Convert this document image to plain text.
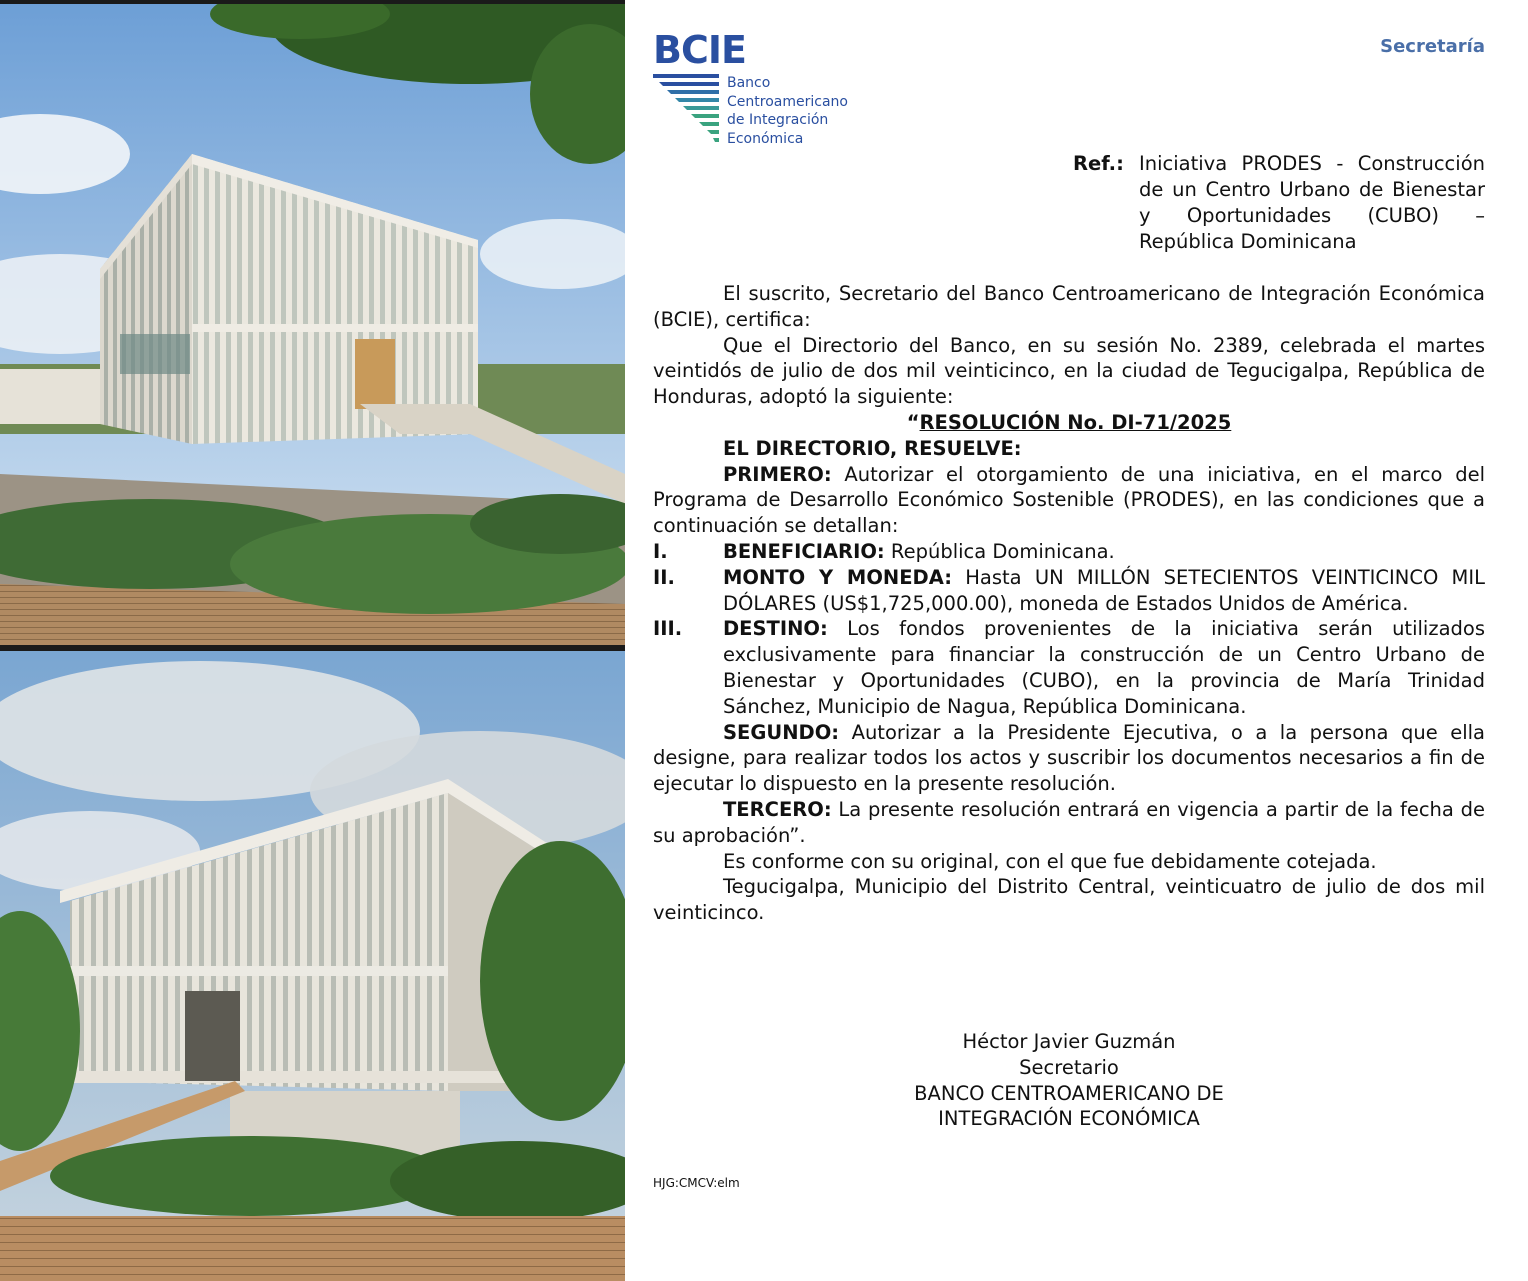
BCIE
Banco
Centroamericano
de Integración
Económica
Secretaría
Ref.: Iniciativa PRODES - Construcción de un Centro Urbano de Bienestar y Oportunidades (CUBO) – República Dominicana

El suscrito, Secretario del Banco Centroamericano de Integración Económica (BCIE), certifica:

Que el Directorio del Banco, en su sesión No. 2389, celebrada el martes veintidós de julio de dos mil veinticinco, en la ciudad de Tegucigalpa, República de Honduras, adoptó la siguiente:

“RESOLUCIÓN No. DI-71/2025

EL DIRECTORIO, RESUELVE:

PRIMERO: Autorizar el otorgamiento de una iniciativa, en el marco del Programa de Desarrollo Económico Sostenible (PRODES), en las condiciones que a continuación se detallan:

I.	BENEFICIARIO: República Dominicana.

II. MONTO Y MONEDA: Hasta UN MILLÓN SETECIENTOS VEINTICINCO MIL DÓLARES (US$1,725,000.00), moneda de Estados Unidos de América.

III. DESTINO: Los fondos provenientes de la iniciativa serán utilizados exclusivamente para financiar la construcción de un Centro Urbano de Bienestar y Oportunidades (CUBO), en la provincia de María Trinidad Sánchez, Municipio de Nagua, República Dominicana.

SEGUNDO: Autorizar a la Presidente Ejecutiva, o a la persona que ella designe, para realizar todos los actos y suscribir los documentos necesarios a fin de ejecutar lo dispuesto en la presente resolución.

TERCERO: La presente resolución entrará en vigencia a partir de la fecha de su aprobación”.

Es conforme con su original, con el que fue debidamente cotejada.

Tegucigalpa, Municipio del Distrito Central, veinticuatro de julio de dos mil veinticinco.

Héctor Javier Guzmán
Secretario
BANCO CENTROAMERICANO DE
INTEGRACIÓN ECONÓMICA
HJG:CMCV:elm
